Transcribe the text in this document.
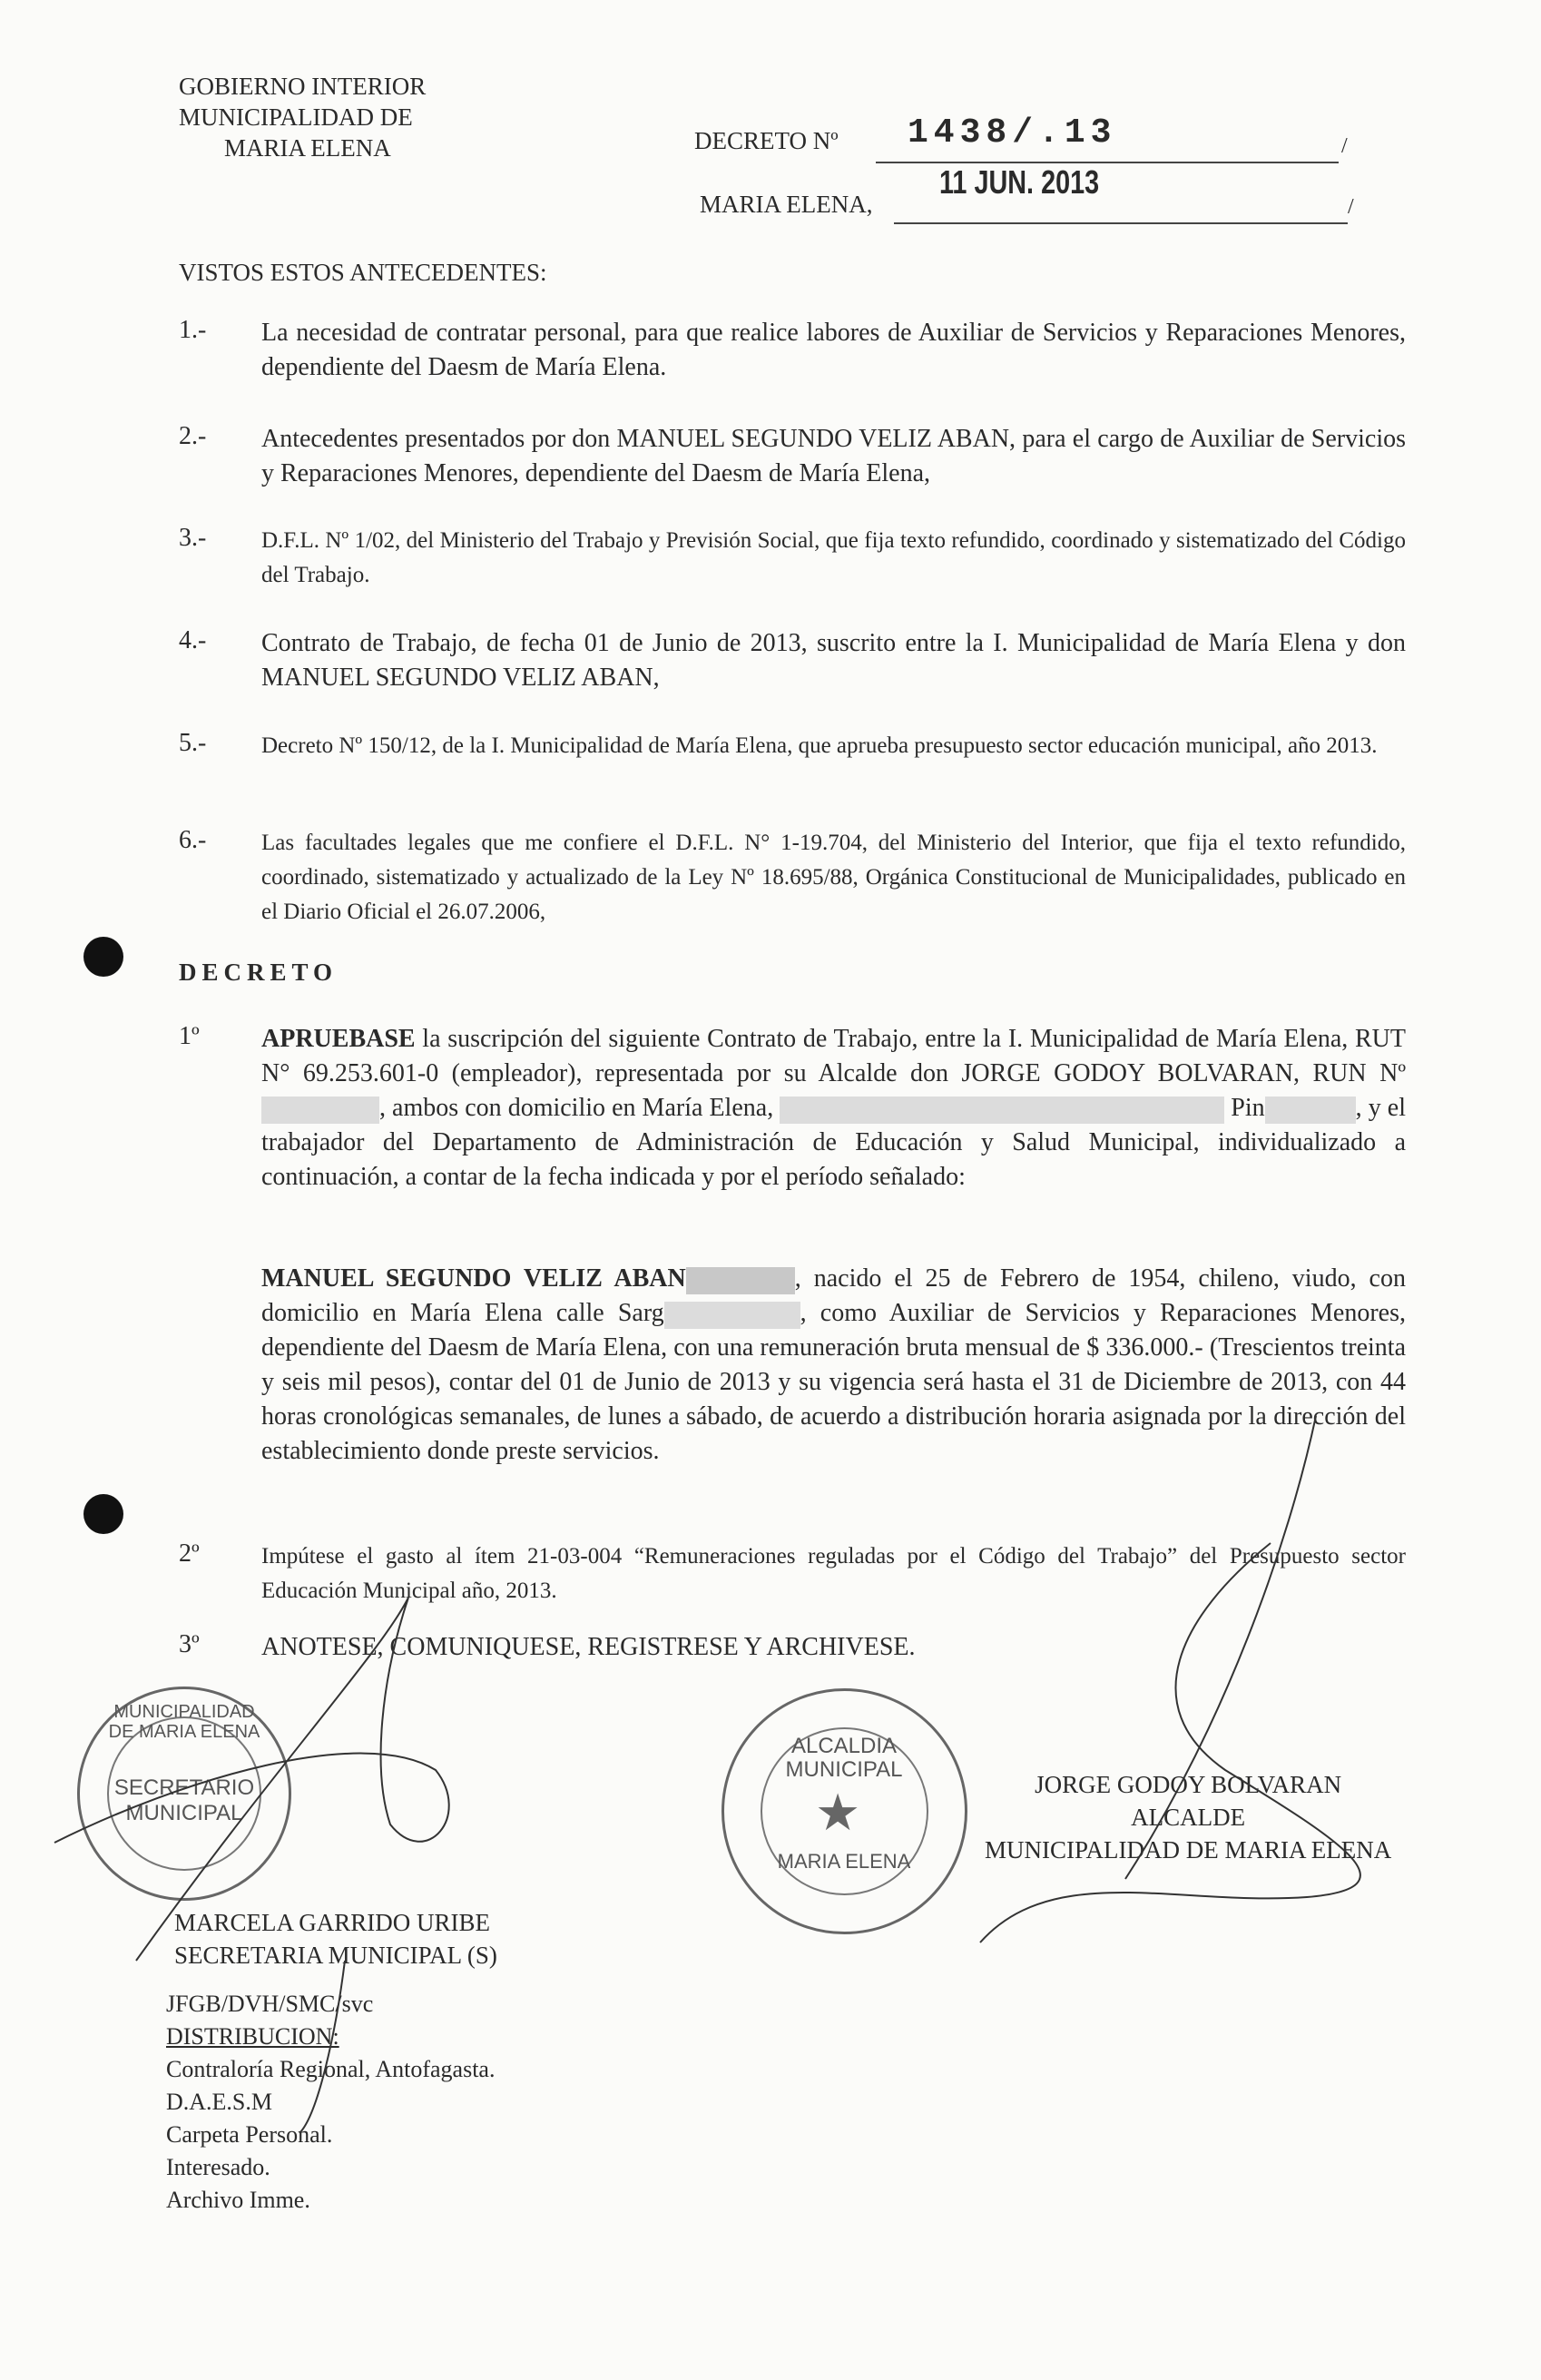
GOBIERNO INTERIOR
MUNICIPALIDAD DE
MARIA ELENA	DECRETO Nº 1438/.13	/
11 JUN. 2013
MARIA ELENA,	/
VISTOS ESTOS ANTECEDENTES:
1.-	La necesidad de contratar personal, para que realice labores de Auxiliar de Servicios y Reparaciones Menores, dependiente del Daesm de María Elena.
2.-	Antecedentes presentados por don MANUEL SEGUNDO VELIZ ABAN, para el cargo de Auxiliar de Servicios y Reparaciones Menores, dependiente del Daesm de María Elena,
3.-	D.F.L. Nº 1/02, del Ministerio del Trabajo y Previsión Social, que fija texto refundido, coordinado y sistematizado del Código del Trabajo.
4.-	Contrato de Trabajo, de fecha 01 de Junio de 2013, suscrito entre la I. Municipalidad de María Elena y don MANUEL SEGUNDO VELIZ ABAN,
5.-	Decreto Nº 150/12, de la I. Municipalidad de María Elena, que aprueba presupuesto sector educación municipal, año 2013.
6.-	Las facultades legales que me confiere el D.F.L. N° 1-19.704, del Ministerio del Interior, que fija el texto refundido, coordinado, sistematizado y actualizado de la Ley Nº 18.695/88, Orgánica Constitucional de Municipalidades, publicado en el Diario Oficial el 26.07.2006,
DECRETO
1º	APRUEBASE la suscripción del siguiente Contrato de Trabajo, entre la I. Municipalidad de María Elena, RUT N° 69.253.601-0 (empleador), representada por su Alcalde don JORGE GODOY BOLVARAN, RUN Nº , ambos con domicilio en María Elena,	Pin	, y el trabajador del Departamento de Administración de Educación y Salud Municipal, individualizado a continuación, a contar de la fecha indicada y por el período señalado:
MANUEL SEGUNDO VELIZ ABAN	, nacido el 25 de Febrero de 1954, chileno, viudo, con domicilio en María Elena calle Sarg	, como Auxiliar de Servicios y Reparaciones Menores, dependiente del Daesm de María Elena, con una remuneración bruta mensual de $ 336.000.- (Trescientos treinta y seis mil pesos), contar del 01 de Junio de 2013 y su vigencia será hasta el 31 de Diciembre de 2013, con 44 horas cronológicas semanales, de lunes a sábado, de acuerdo a distribución horaria asignada por la dirección del establecimiento donde preste servicios.
2º	Impútese el gasto al ítem 21-03-004 “Remuneraciones reguladas por el Código del Trabajo” del Presupuesto sector Educación Municipal año, 2013.
3º	ANOTESE, COMUNIQUESE, REGISTRESE Y ARCHIVESE.
MUNICIPALIDAD DE MARIA ELENA
SECRETARIO
MUNICIPAL
ALCALDIA MUNICIPAL
★
MARIA ELENA
MARCELA GARRIDO URIBE
SECRETARIA MUNICIPAL (S)
JORGE GODOY BOLVARAN
ALCALDE
MUNICIPALIDAD DE MARIA ELENA
JFGB/DVH/SMC/svc
DISTRIBUCION:
Contraloría Regional, Antofagasta.
D.A.E.S.M
Carpeta Personal.
Interesado.
Archivo Imme.
